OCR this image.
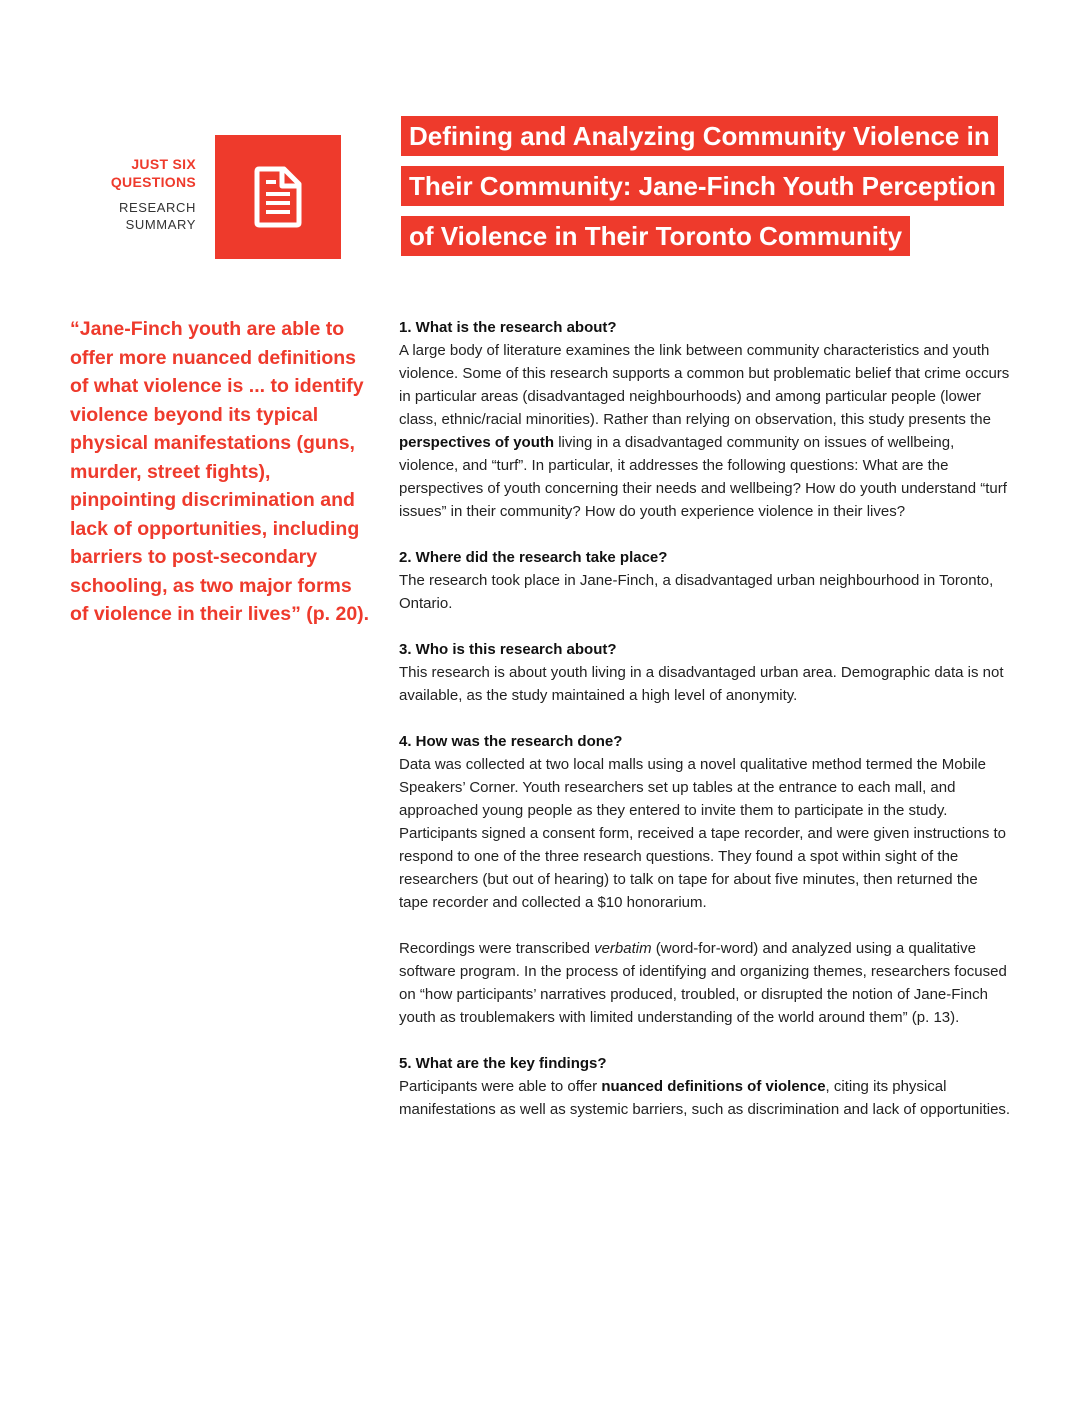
JUST SIX
QUESTIONS
RESEARCH
SUMMARY
Defining and Analyzing Community Violence in
Their Community: Jane-Finch Youth Perception
of Violence in Their Toronto Community

“Jane-Finch youth are able to offer more nuanced definitions of what violence is ... to identify violence beyond its typical physical manifestations (guns, murder, street fights), pinpointing discrimination and lack of opportunities, including barriers to post-secondary schooling, as two major forms of violence in their lives” (p. 20).

1. What is the research about?

A large body of literature examines the link between community characteristics and youth violence. Some of this research supports a common but problematic belief that crime occurs in particular areas (disadvantaged neighbourhoods) and among particular people (lower class, ethnic/racial minorities). Rather than relying on observation, this study presents the perspectives of youth living in a disadvantaged community on issues of wellbeing, violence, and “turf”. In particular, it addresses the following questions: What are the perspectives of youth concerning their needs and wellbeing? How do youth understand “turf issues” in their community? How do youth experience violence in their lives?

2. Where did the research take place?

The research took place in Jane-Finch, a disadvantaged urban neighbourhood in Toronto, Ontario.

3. Who is this research about?

This research is about youth living in a disadvantaged urban area. Demographic data is not available, as the study maintained a high level of anonymity.

4. How was the research done?

Data was collected at two local malls using a novel qualitative method termed the Mobile Speakers’ Corner. Youth researchers set up tables at the entrance to each mall, and approached young people as they entered to invite them to participate in the study. Participants signed a consent form, received a tape recorder, and were given instructions to respond to one of the three research questions. They found a spot within sight of the researchers (but out of hearing) to talk on tape for about five minutes, then returned the tape recorder and collected a $10 honorarium.

Recordings were transcribed verbatim (word-for-word) and analyzed using a qualitative software program. In the process of identifying and organizing themes, researchers focused on “how participants’ narratives produced, troubled, or disrupted the notion of Jane-Finch youth as troublemakers with limited understanding of the world around them” (p. 13).

5. What are the key findings?

Participants were able to offer nuanced definitions of violence, citing its physical manifestations as well as systemic barriers, such as discrimination and lack of opportunities.
